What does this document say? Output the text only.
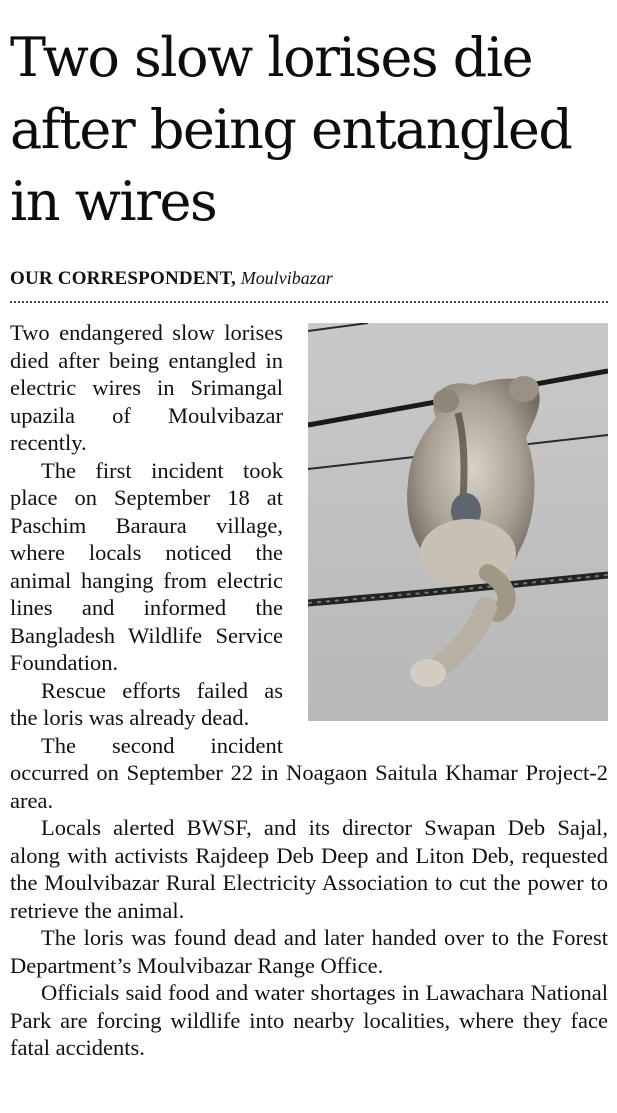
Two slow lorises die after being entangled in wires
OUR CORRESPONDENT, Moulvibazar

Two endangered slow lorises died after being entangled in electric wires in Srimangal upazila of Moulvibazar recently.

The first incident took place on September 18 at Paschim Baraura village, where locals noticed the animal hanging from electric lines and informed the Bangladesh Wildlife Service Foundation.

Rescue efforts failed as the loris was already dead.

The second incident occurred on September 22 in Noagaon Saitula Khamar Project-2 area.

Locals alerted BWSF, and its director Swapan Deb Sajal, along with activists Rajdeep Deb Deep and Liton Deb, requested the Moulvibazar Rural Electricity Association to cut the power to retrieve the animal.

The loris was found dead and later handed over to the Forest Department’s Moulvibazar Range Office.

Officials said food and water shortages in Lawachara National Park are forcing wildlife into nearby localities, where they face fatal accidents.
